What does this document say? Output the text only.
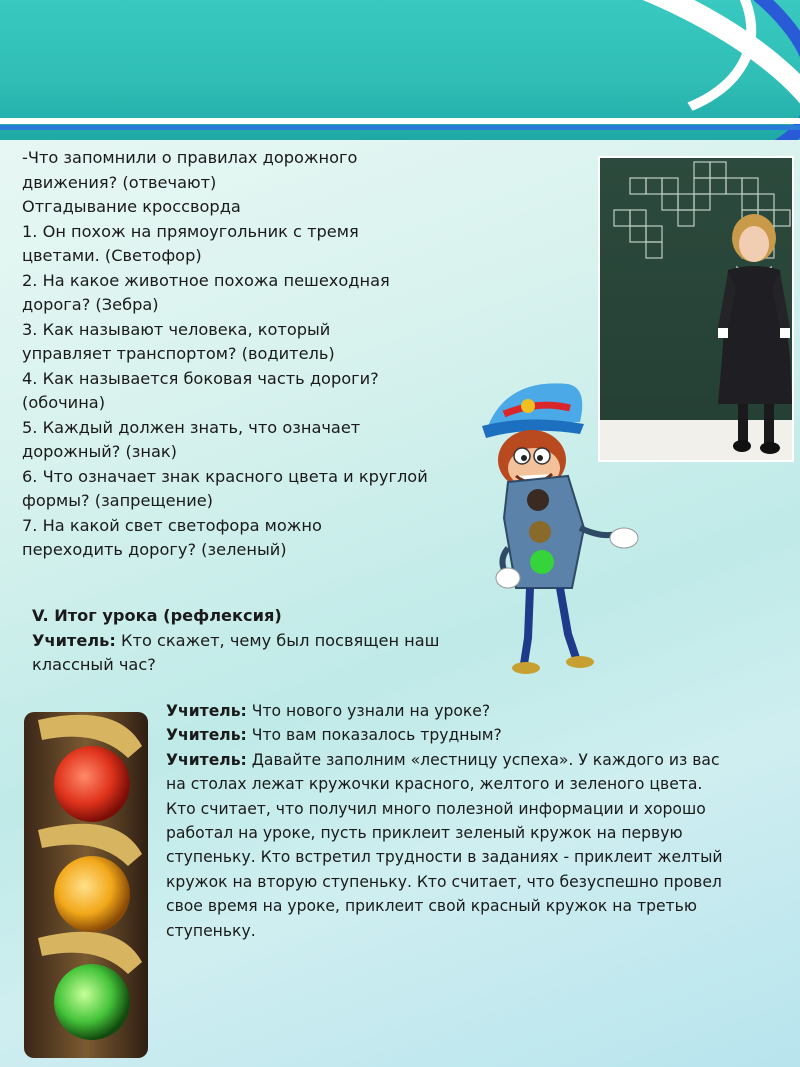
-Что запомнили о правилах дорожного
движения? (отвечают)
Отгадывание кроссворда
1. Он похож на прямоугольник с тремя
цветами. (Светофор)
2. На какое животное похожа пешеходная
дорога? (Зебра)
3. Как называют человека, который
управляет транспортом? (водитель)
4. Как называется боковая часть дороги?
(обочина)
5. Каждый должен знать, что означает
дорожный? (знак)
6. Что означает знак красного цвета и круглой
формы? (запрещение)
7. На какой свет светофора можно
переходить дорогу? (зеленый)
V. Итог урока (рефлексия)
Учитель: Кто скажет, чему был посвящен наш
классный час?
Учитель: Что нового узнали на уроке?
Учитель: Что вам показалось трудным?
Учитель: Давайте заполним «лестницу успеха». У каждого из вас
на столах лежат кружочки красного, желтого и зеленого цвета.
Кто считает, что получил много полезной информации и хорошо
работал на уроке, пусть приклеит зеленый кружок на первую
ступеньку. Кто встретил трудности в заданиях - приклеит желтый
кружок на вторую ступеньку. Кто считает, что безуспешно провел
свое время на уроке, приклеит свой красный кружок на третью
ступеньку.
